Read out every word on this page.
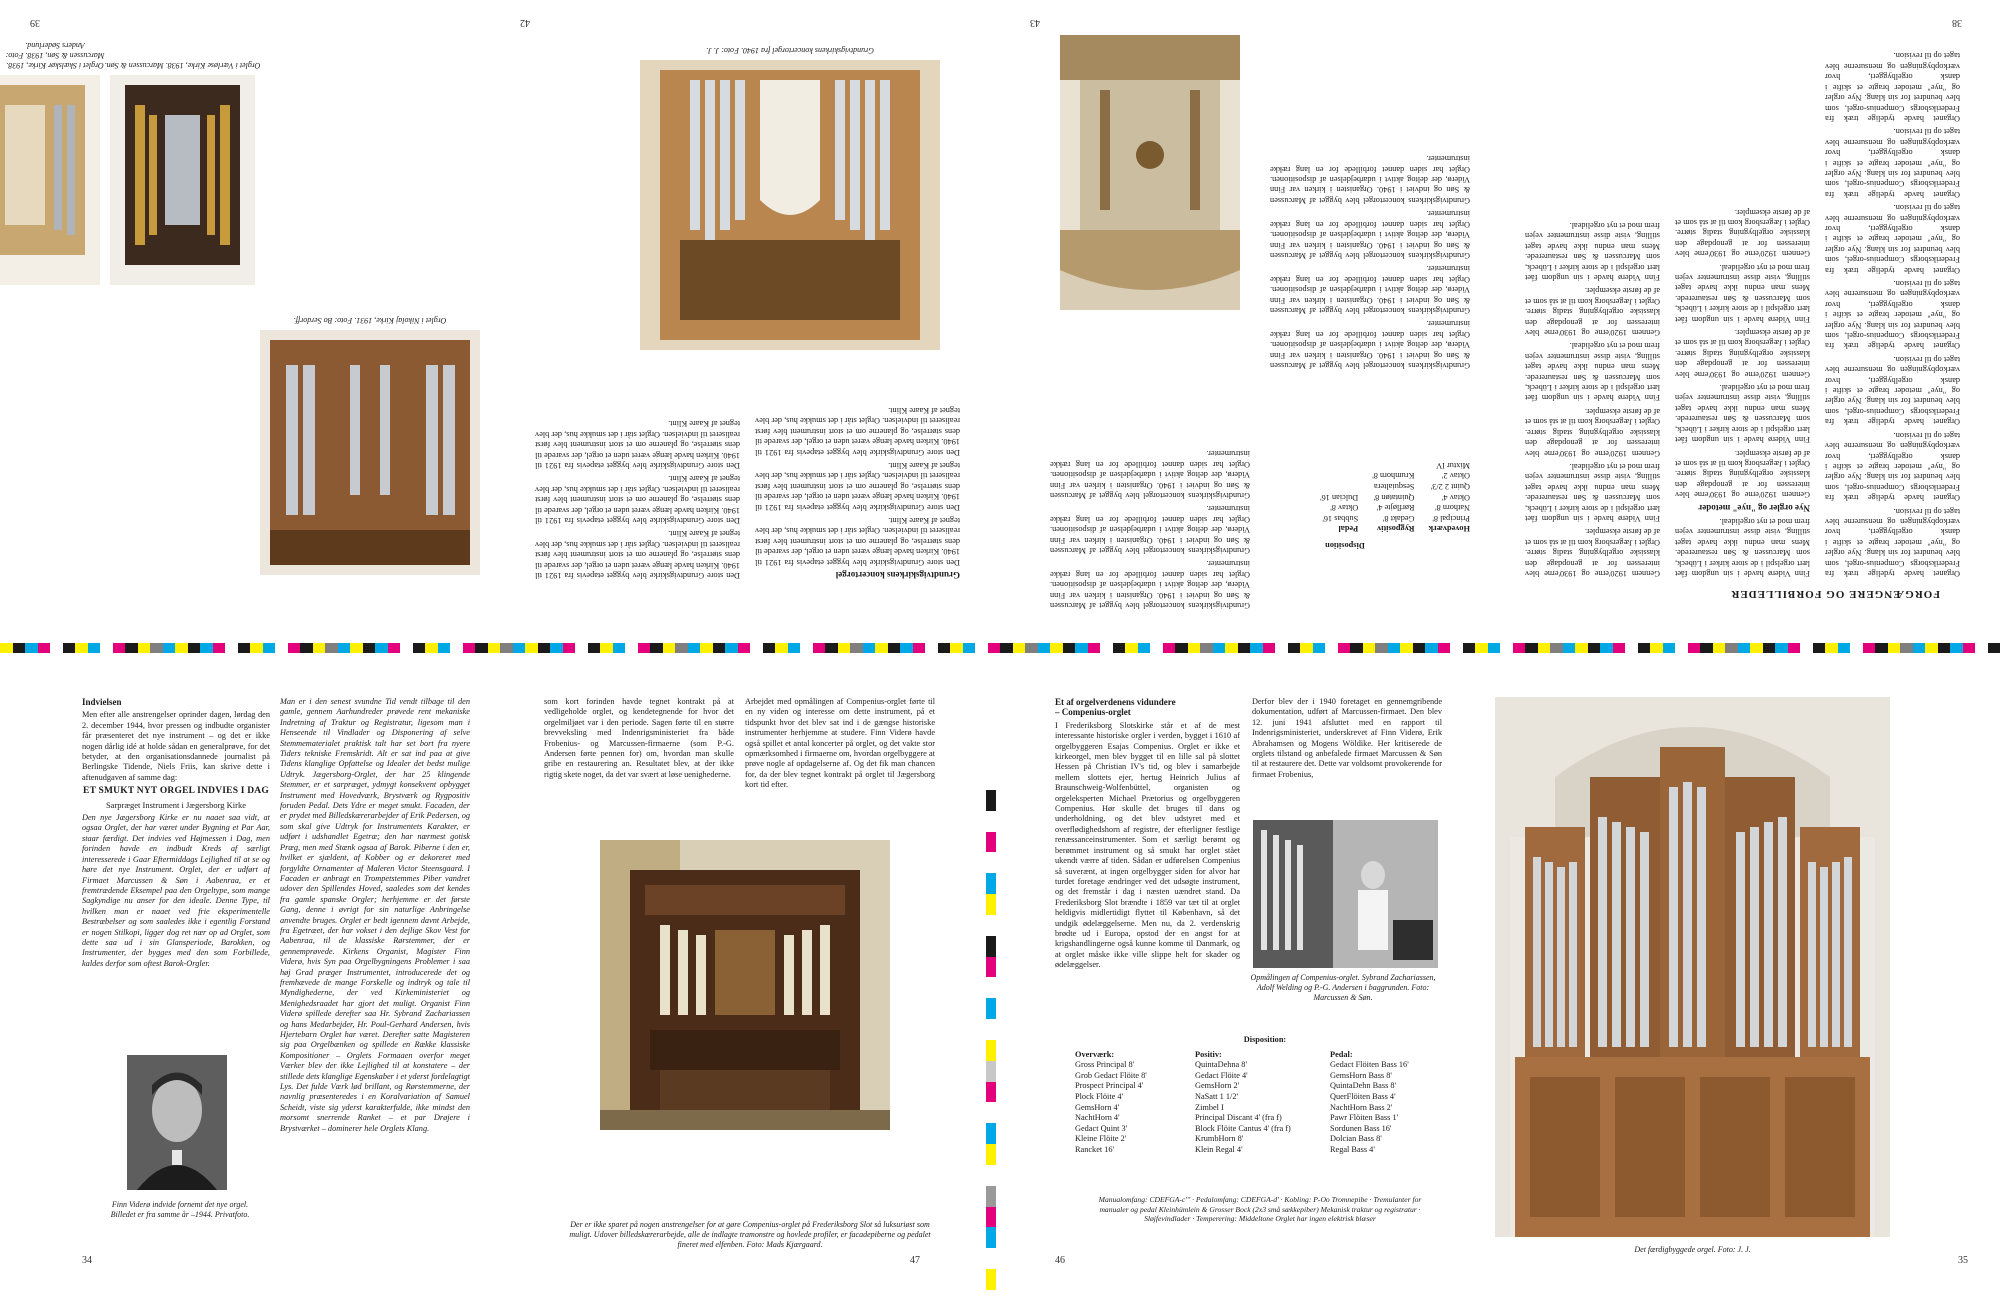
38
FORGÆNGERE OG FORBILLEDER

Organet havde tydelige træk fra Frederiksborgs Compenius-orgel, som blev beundret for sin klang. Nye orgler og "nye" metoder bragte et skifte i dansk orgelbyggeri, hvor værkopbygningen og mensurerne blev taget op til revision.

Organet havde tydelige træk fra Frederiksborgs Compenius-orgel, som blev beundret for sin klang. Nye orgler og "nye" metoder bragte et skifte i dansk orgelbyggeri, hvor værkopbygningen og mensurerne blev taget op til revision.

Organet havde tydelige træk fra Frederiksborgs Compenius-orgel, som blev beundret for sin klang. Nye orgler og "nye" metoder bragte et skifte i dansk orgelbyggeri, hvor værkopbygningen og mensurerne blev taget op til revision.

Organet havde tydelige træk fra Frederiksborgs Compenius-orgel, som blev beundret for sin klang. Nye orgler og "nye" metoder bragte et skifte i dansk orgelbyggeri, hvor værkopbygningen og mensurerne blev taget op til revision.

Organet havde tydelige træk fra Frederiksborgs Compenius-orgel, som blev beundret for sin klang. Nye orgler og "nye" metoder bragte et skifte i dansk orgelbyggeri, hvor værkopbygningen og mensurerne blev taget op til revision.

Organet havde tydelige træk fra Frederiksborgs Compenius-orgel, som blev beundret for sin klang. Nye orgler og "nye" metoder bragte et skifte i dansk orgelbyggeri, hvor værkopbygningen og mensurerne blev taget op til revision.

Organet havde tydelige træk fra Frederiksborgs Compenius-orgel, som blev beundret for sin klang. Nye orgler og "nye" metoder bragte et skifte i dansk orgelbyggeri, hvor værkopbygningen og mensurerne blev taget op til revision.

Finn Viderø havde i sin ungdom fået lært orgelspil i de store kirker i Lübeck, som Marcussen & Søn restaurerede. Mens man endnu ikke havde taget stilling, viste disse instrumenter vejen frem mod et nyt orgelideal.

Nye orgler og "nye" metoder

Gennem 1920'erne og 1930'erne blev interessen for at genopdage den klassiske orgelbygning stadig større. Orglet i Jægersborg kom til at stå som et af de første eksempler.

Finn Viderø havde i sin ungdom fået lært orgelspil i de store kirker i Lübeck, som Marcussen & Søn restaurerede. Mens man endnu ikke havde taget stilling, viste disse instrumenter vejen frem mod et nyt orgelideal.

Gennem 1920'erne og 1930'erne blev interessen for at genopdage den klassiske orgelbygning stadig større. Orglet i Jægersborg kom til at stå som et af de første eksempler.

Finn Viderø havde i sin ungdom fået lært orgelspil i de store kirker i Lübeck, som Marcussen & Søn restaurerede. Mens man endnu ikke havde taget stilling, viste disse instrumenter vejen frem mod et nyt orgelideal.

Gennem 1920'erne og 1930'erne blev interessen for at genopdage den klassiske orgelbygning stadig større. Orglet i Jægersborg kom til at stå som et af de første eksempler.

Gennem 1920'erne og 1930'erne blev interessen for at genopdage den klassiske orgelbygning stadig større. Orglet i Jægersborg kom til at stå som et af de første eksempler.

Finn Viderø havde i sin ungdom fået lært orgelspil i de store kirker i Lübeck, som Marcussen & Søn restaurerede. Mens man endnu ikke havde taget stilling, viste disse instrumenter vejen frem mod et nyt orgelideal.

Gennem 1920'erne og 1930'erne blev interessen for at genopdage den klassiske orgelbygning stadig større. Orglet i Jægersborg kom til at stå som et af de første eksempler.

Finn Viderø havde i sin ungdom fået lært orgelspil i de store kirker i Lübeck, som Marcussen & Søn restaurerede. Mens man endnu ikke havde taget stilling, viste disse instrumenter vejen frem mod et nyt orgelideal.

Gennem 1920'erne og 1930'erne blev interessen for at genopdage den klassiske orgelbygning stadig større. Orglet i Jægersborg kom til at stå som et af de første eksempler.

Finn Viderø havde i sin ungdom fået lært orgelspil i de store kirker i Lübeck, som Marcussen & Søn restaurerede. Mens man endnu ikke havde taget stilling, viste disse instrumenter vejen frem mod et nyt orgelideal.

43
Disposition
Hovedværk
Principal 8'
Nathorn 8'
Oktav 4'
Quint 2 2/3'
Oktav 2'
Mixtur IV
Rygpositiv
Gedakt 8'
Rørfløjte 4'
Quintatøn 8'
Sesquialtera
Krumhorn 8'
Pedal
Subbas 16'
Oktav 8'
Dulcian 16'

Grundtvigskirkens koncertorgel blev bygget af Marcussen & Søn og indviet i 1940. Organisten i kirken var Finn Viderø, der deltog aktivt i udarbejdelsen af dispositionen. Orglet har siden dannet forbillede for en lang række instrumenter.

Grundtvigskirkens koncertorgel blev bygget af Marcussen & Søn og indviet i 1940. Organisten i kirken var Finn Viderø, der deltog aktivt i udarbejdelsen af dispositionen. Orglet har siden dannet forbillede for en lang række instrumenter.

Grundtvigskirkens koncertorgel blev bygget af Marcussen & Søn og indviet i 1940. Organisten i kirken var Finn Viderø, der deltog aktivt i udarbejdelsen af dispositionen. Orglet har siden dannet forbillede for en lang række instrumenter.

Grundtvigskirkens koncertorgel blev bygget af Marcussen & Søn og indviet i 1940. Organisten i kirken var Finn Viderø, der deltog aktivt i udarbejdelsen af dispositionen. Orglet har siden dannet forbillede for en lang række instrumenter.

Grundtvigskirkens koncertorgel blev bygget af Marcussen & Søn og indviet i 1940. Organisten i kirken var Finn Viderø, der deltog aktivt i udarbejdelsen af dispositionen. Orglet har siden dannet forbillede for en lang række instrumenter.

Grundtvigskirkens koncertorgel blev bygget af Marcussen & Søn og indviet i 1940. Organisten i kirken var Finn Viderø, der deltog aktivt i udarbejdelsen af dispositionen. Orglet har siden dannet forbillede for en lang række instrumenter.

Grundtvigskirkens koncertorgel blev bygget af Marcussen & Søn og indviet i 1940. Organisten i kirken var Finn Viderø, der deltog aktivt i udarbejdelsen af dispositionen. Orglet har siden dannet forbillede for en lang række instrumenter.

42

Grundtvigskirkens koncertorgel

Den store Grundtvigskirke blev bygget etapevis fra 1921 til 1940. Kirken havde længe været uden et orgel, der svarede til dens størrelse, og planerne om et stort instrument blev først realiseret til indvielsen. Orglet står i det smukke hus, der blev tegnet af Kaare Klint.

Den store Grundtvigskirke blev bygget etapevis fra 1921 til 1940. Kirken havde længe været uden et orgel, der svarede til dens størrelse, og planerne om et stort instrument blev først realiseret til indvielsen. Orglet står i det smukke hus, der blev tegnet af Kaare Klint.

Den store Grundtvigskirke blev bygget etapevis fra 1921 til 1940. Kirken havde længe været uden et orgel, der svarede til dens størrelse, og planerne om et stort instrument blev først realiseret til indvielsen. Orglet står i det smukke hus, der blev tegnet af Kaare Klint.

Den store Grundtvigskirke blev bygget etapevis fra 1921 til 1940. Kirken havde længe været uden et orgel, der svarede til dens størrelse, og planerne om et stort instrument blev først realiseret til indvielsen. Orglet står i det smukke hus, der blev tegnet af Kaare Klint.

Den store Grundtvigskirke blev bygget etapevis fra 1921 til 1940. Kirken havde længe været uden et orgel, der svarede til dens størrelse, og planerne om et stort instrument blev først realiseret til indvielsen. Orglet står i det smukke hus, der blev tegnet af Kaare Klint.

Den store Grundtvigskirke blev bygget etapevis fra 1921 til 1940. Kirken havde længe været uden et orgel, der svarede til dens størrelse, og planerne om et stort instrument blev først realiseret til indvielsen. Orglet står i det smukke hus, der blev tegnet af Kaare Klint.

Grundtvigskirkens koncertorgel fra 1940. Foto: J. J.
39
Orglet i Nikolaj Kirke, 1931. Foto: Bo Serdorff.
Orglet i Værløse Kirke, 1938. Marcussen & Søn.
Orglet i Skælskør Kirke, 1938. Marcussen & Søn, 1938. Foto: Anders Søderlund.

Indvielsen

Men efter alle anstrengelser oprinder dagen, lørdag den 2. december 1944, hvor pressen og indbudte organister får præsenteret det nye instrument – og det er ikke nogen dårlig idé at holde sådan en generalprøve, for det betyder, at den organisationsdannede journalist på Berlingske Tidende, Niels Friis, kan skrive dette i aftenudgaven af samme dag:

ET SMUKT NYT ORGEL INDVIES I DAG

Sarpræget Instrument i Jægersborg Kirke

Den nye Jægersborg Kirke er nu naaet saa vidt, at ogsaa Orglet, der har været under Bygning et Par Aar, staar færdigt. Det indvies ved Højmessen i Dag, men forinden havde en indbudt Kreds af særligt interesserede i Gaar Eftermiddags Lejlighed til at se og høre det nye Instrument. Orglet, der er udført af Firmaet Marcussen & Søn i Aabenraa, er et fremtrædende Eksempel paa den Orgeltype, som mange Sagkyndige nu anser for den ideale. Denne Type, til hvilken man er naaet ved frie eksperimentelle Bestræbelser og som saaledes ikke i egentlig Forstand er nogen Stilkopi, ligger dog ret nær op ad Orglet, som dette saa ud i sin Glansperiode, Barokken, og Instrumenter, der bygges med den som Forbillede, kaldes derfor som oftest Barok-Orgler.

Finn Viderø indvide fornemt det nye orgel. Billedet er fra samme år –1944. Privatfoto.

Man er i den senest svundne Tid vendt tilbage til den gamle, gennem Aarhundreder prøvede rent mekaniske Indretning af Traktur og Registratur, ligesom man i Henseende til Vindlader og Disponering af selve Stemmematerialet praktisk talt har set bort fra nyere Tiders tekniske Fremskridt. Alt er sat ind paa at give Tidens klanglige Opfattelse og Idealer det bedst mulige Udtryk. Jægersborg-Orglet, der har 25 klingende Stemmer, er et sarpræget, ydmygt konsekvent opbygget Instrument med Hovedværk, Brystværk og Rygpositiv foruden Pedal. Dets Ydre er meget smukt. Facaden, der er prydet med Billedskærerarbejder af Erik Pedersen, og som skal give Udtryk for Instrumentets Karakter, er udført i udshandlet Egetræ; den har nærmest gotisk Præg, men med Stænk ogsaa af Barok. Piberne i den er, hvilket er sjældent, af Kobber og er dekoreret med forgyldte Ornamenter af Maleren Victor Steensgaard. I Facaden er anbragt en Trompetstemmes Piber vandret udover den Spillendes Hoved, saaledes som det kendes fra gamle spanske Orgler; herhjemme er det første Gang, denne i øvrigt for sin naturlige Anbringelse anvendte bruges. Orglet er bedt igennem davnt Arbejde, fra Egetræet, der har vokset i den dejlige Skov Vest for Aabenraa, til de klassiske Rørstemmer, der er gennemprøvede. Kirkens Organist, Magister Finn Viderø, hvis Syn paa Orgelbygningens Problemer i saa høj Grad præger Instrumentet, introducerede det og fremhævede de mange Forskelle og indtryk og tale til Myndighederne, der ved Kirkeministeriet og Menighedsraadet har gjort det muligt. Organist Finn Viderø spillede derefter saa Hr. Sybrand Zachariassen og hans Medarbejder, Hr. Poul-Gerhard Andersen, hvis Hjertebarn Orglet har været. Derefter satte Magisteren sig paa Orgelbænken og spillede en Række klassiske Kompositioner – Orglets Formaaen overfor meget Værker blev der ikke Lejlighed til at konstatere – der stillede dets klanglige Egenskaber i et yderst fordelagtigt Lys. Det fulde Værk lød brillant, og Rørstemmerne, der navnlig præsenteredes i en Koralvariation af Samuel Scheidt, viste sig yderst karakterfulde, ikke mindst den morsomt snerrende Ranket – et par Drøjere i Brystværket – dominerer hele Orglets Klang.

34

som kort forinden havde tegnet kontrakt på at vedligeholde orglet, og kendetegnende for hvor det orgelmiljøet var i den periode. Sagen førte til en større brevveksling med Indenrigsministeriet fra både Frobenius- og Marcussen-firmaerne (som P.-G. Andersen førte pennen for) om, hvordan man skulle gribe en restaurering an. Resultatet blev, at der ikke rigtig skete noget, da det var svært at løse uenighederne.

Arbejdet med opmålingen af Compenius-orglet førte til en ny viden og interesse om dette instrument, på et tidspunkt hvor det blev sat ind i de gængse historiske instrumenter herhjemme at studere. Finn Viderø havde også spillet et antal koncerter på orglet, og det vakte stor opmærksomhed i firmaerne om, hvordan orgelbyggere at prøve nogle af opdagelserne af. Og det fik man chancen for, da der blev tegnet kontrakt på orglet til Jægersborg kort tid efter.

Der er ikke sparet på nogen anstrengelser for at gøre Compenius-orglet på Frederiksborg Slot så luksuriøst som muligt. Udover billedskærerarbejde, alle de indlagte tramonstre og hovlede profiler, er facadepiberne og pedalet fineret med elfenben. Foto: Mads Kjærgaard.
47

Et af orgelverdenens vidundere

– Compenius-orglet

I Frederiksborg Slotskirke står et af de mest interessante historiske orgler i verden, bygget i 1610 af orgelbyggeren Esajas Compenius. Orglet er ikke et kirkeorgel, men blev bygget til en lille sal på slottet Hessen på Christian IV's tid, og blev i samarbejde mellem slottets ejer, hertug Heinrich Julius af Braunschweig-Wolfenbüttel, organisten og orgeleksperten Michael Prætorius og orgelbyggeren Compenius. Hør skulle det bruges til dans og underholdning, og det blev udstyret med et overflødighedshorn af registre, der efterligner festlige renæssanceinstrumenter. Som et særligt berømt og berømmet instrument og så smukt har orglet stået ukendt værre af tiden. Sådan er udførelsen Compenius så suverænt, at ingen orgelbygger siden for alvor har turdet foretage ændringer ved det udsøgte instrument, og det fremstår i dag i næsten uændret stand. Da Frederiksborg Slot brændte i 1859 var tæt til at orglet heldigvis midlertidigt flyttet til København, så det undgik ødelæggelserne. Men nu, da 2. verdenskrig brødte ud i Europa, opstod der en angst for at krigshandlingerne også kunne komme til Danmark, og at orglet måske ikke ville slippe helt for skader og ødelæggelser.

Derfor blev der i 1940 foretaget en gennemgribende dokumentation, udført af Marcussen-firmaet. Den blev 12. juni 1941 afsluttet med en rapport til Indenrigsministeriet, underskrevet af Finn Viderø, Erik Abrahamsen og Mogens Wöldike. Her kritiserede de orglets tilstand og anbefalede firmaet Marcussen & Søn til at restaurere det. Dette var voldsomt provokerende for firmaet Frobenius,

Opmålingen af Compenius-orglet. Sybrand Zachariassen, Adolf Welding og P.-G. Andersen i baggrunden. Foto: Marcussen & Søn.
Disposition:
Overværk:
Gross Principal 8'
Grob Gedact Flöite 8'
Prospect Principal 4'
Plock Flöite 4'
GemsHorn 4'
NachtHorn 4'
Gedact Quint 3'
Kleine Flöite 2'
Rancket 16'
Positiv:
QuintaDehna 8'
Gedact Flöite 4'
GemsHorn 2'
NaSatt 1 1/2'
Zimbel I
Principal Discant 4' (fra f)
Block Flöite Cantus 4' (fra f)
KrumbHorn 8'
Klein Regal 4'
Pedal:
Gedact Flöiten Bass 16'
GemsHorn Bass 8'
QuintaDehn Bass 8'
QuerFlöiten Bass 4'
NachtHorn Bass 2'
Pawr Flöiten Bass 1'
Sordunen Bass 16'
Dolcian Bass 8'
Regal Bass 4'
Manualomfang: CDEFGA-c''' · Pedalomfang: CDEFGA-d' · Kobling: P-Oo Tromnepibe · Tremulanter for manualer og pedal Kleinhümlein & Grosser Bock (2x3 små sækkepiber) Mekanisk traktur og registratur · Sløjfevindlader · Temperering: Middeltone Orglet har ingen elektrisk blæser
46
Det færdigbyggede orgel. Foto: J. J.
35
